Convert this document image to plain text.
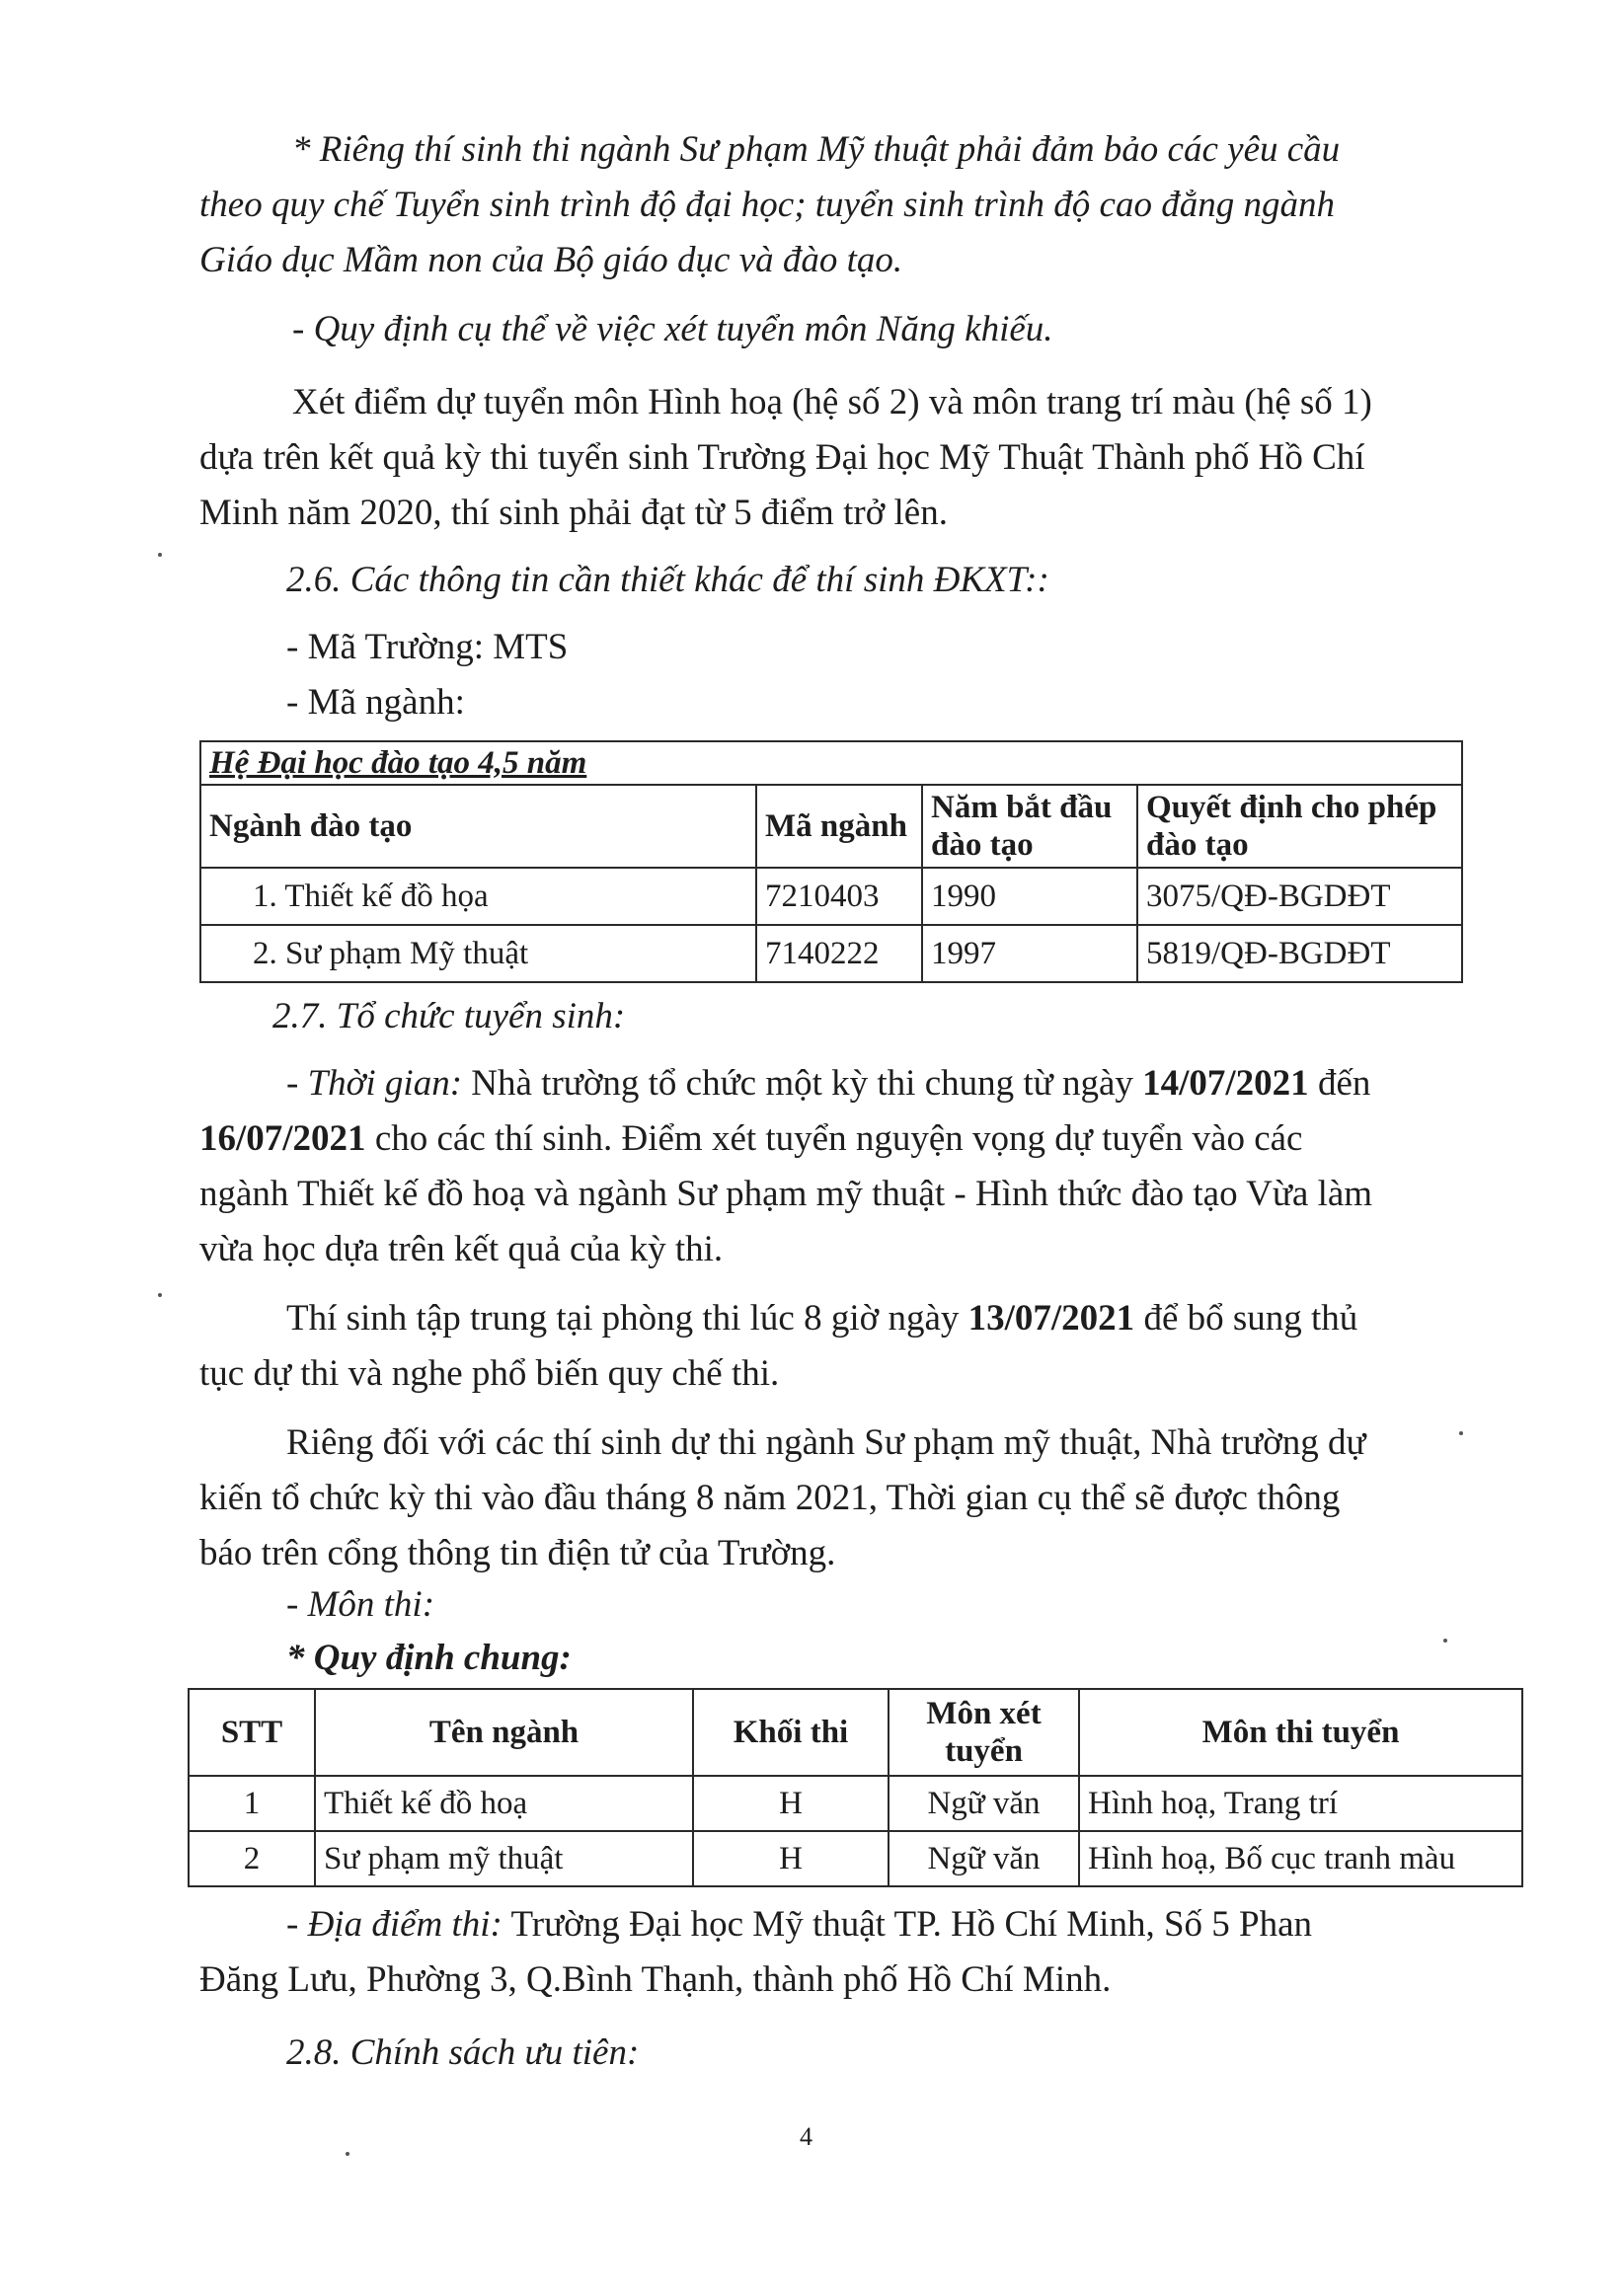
* Riêng thí sinh thi ngành Sư phạm Mỹ thuật phải đảm bảo các yêu cầu
theo quy chế Tuyển sinh trình độ đại học; tuyển sinh trình độ cao đẳng ngành
Giáo dục Mầm non của Bộ giáo dục và đào tạo.
- Quy định cụ thể về việc xét tuyển môn Năng khiếu.
Xét điểm dự tuyển môn Hình hoạ (hệ số 2) và môn trang trí màu (hệ số 1)
dựa trên kết quả kỳ thi tuyển sinh Trường Đại học Mỹ Thuật Thành phố Hồ Chí
Minh năm 2020, thí sinh phải đạt từ 5 điểm trở lên.
2.6. Các thông tin cần thiết khác để thí sinh ĐKXT::
- Mã Trường: MTS
- Mã ngành:
Hệ Đại học đào tạo 4,5 năm			
Ngành đào tạo	Mã ngành	Năm bắt đầu đào tạo	Quyết định cho phép đào tạo
1. Thiết kế đồ họa	7210403	1990	3075/QĐ-BGDĐT
2. Sư phạm Mỹ thuật	7140222	1997	5819/QĐ-BGDĐT
2.7. Tổ chức tuyển sinh:
- Thời gian: Nhà trường tổ chức một kỳ thi chung từ ngày 14/07/2021 đến
16/07/2021 cho các thí sinh. Điểm xét tuyển nguyện vọng dự tuyển vào các
ngành Thiết kế đồ hoạ và ngành Sư phạm mỹ thuật - Hình thức đào tạo Vừa làm
vừa học dựa trên kết quả của kỳ thi.
Thí sinh tập trung tại phòng thi lúc 8 giờ ngày 13/07/2021 để bổ sung thủ
tục dự thi và nghe phổ biến quy chế thi.
Riêng đối với các thí sinh dự thi ngành Sư phạm mỹ thuật, Nhà trường dự
kiến tổ chức kỳ thi vào đầu tháng 8 năm 2021, Thời gian cụ thể sẽ được thông
báo trên cổng thông tin điện tử của Trường.
- Môn thi:
* Quy định chung:
STT	Tên ngành	Khối thi	Môn xét tuyển	Môn thi tuyển
1	Thiết kế đồ hoạ	H	Ngữ văn	Hình hoạ, Trang trí
2	Sư phạm mỹ thuật	H	Ngữ văn	Hình hoạ, Bố cục tranh màu
- Địa điểm thi: Trường Đại học Mỹ thuật TP. Hồ Chí Minh, Số 5 Phan
Đăng Lưu, Phường 3, Q.Bình Thạnh, thành phố Hồ Chí Minh.
2.8. Chính sách ưu tiên:
4
